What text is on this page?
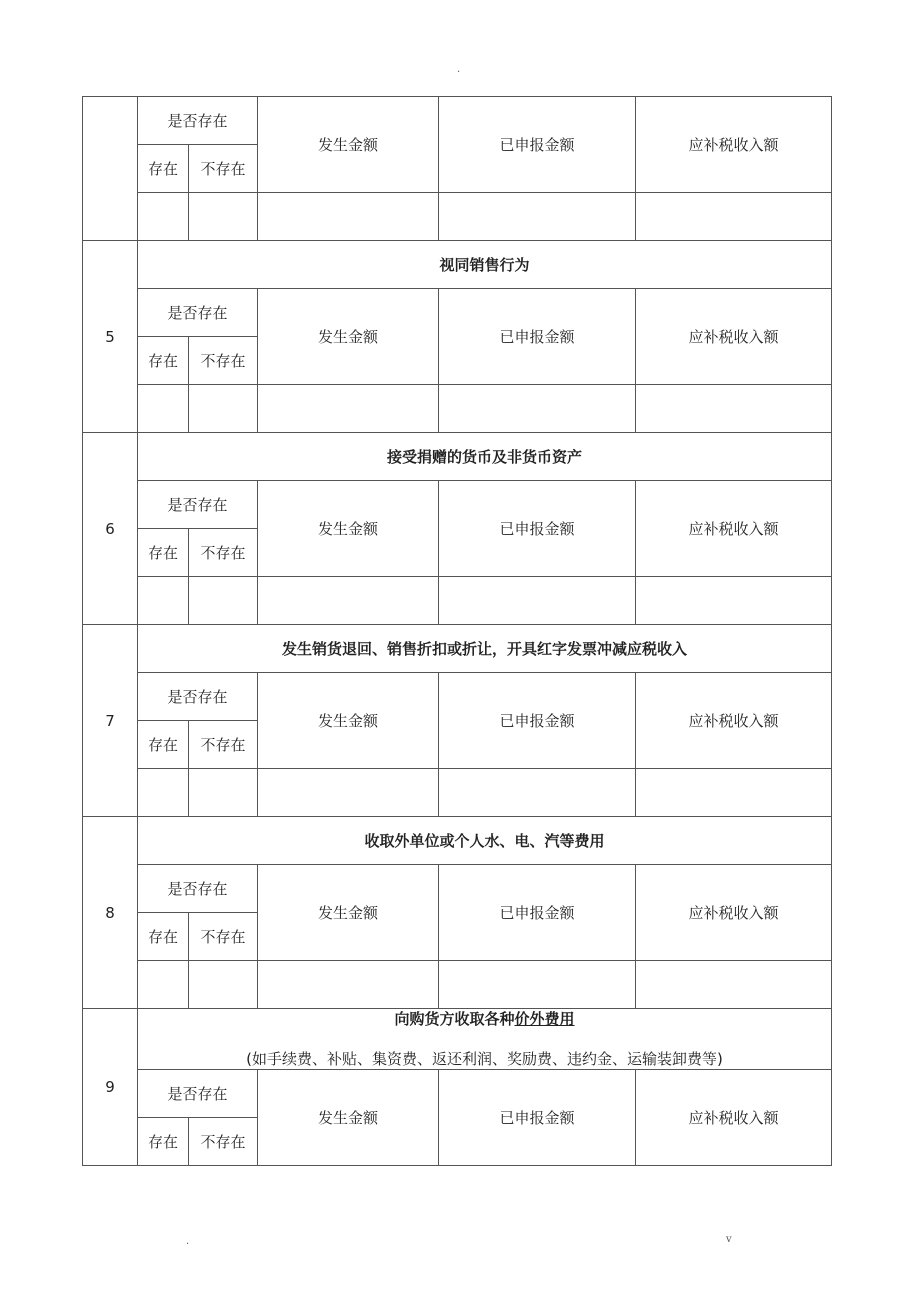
.
	是否存在		发生金额	已申报金额	应补税收入额
	存在	不存在			

5	视同销售行为				
	是否存在		发生金额	已申报金额	应补税收入额
	存在	不存在			

6	接受捐赠的货币及非货币资产				
	是否存在		发生金额	已申报金额	应补税收入额
	存在	不存在			

7	发生销货退回、销售折扣或折让，开具红字发票冲减应税收入				
	是否存在		发生金额	已申报金额	应补税收入额
	存在	不存在			

8	收取外单位或个人水、电、汽等费用				
	是否存在		发生金额	已申报金额	应补税收入额
	存在	不存在			

9	向购货方收取各种价外费用
(如手续费、补贴、集资费、返还利润、奖励费、违约金、运输装卸费等)				

	是否存在		发生金额	已申报金额	应补税收入额
	存在	不存在			
.	v
